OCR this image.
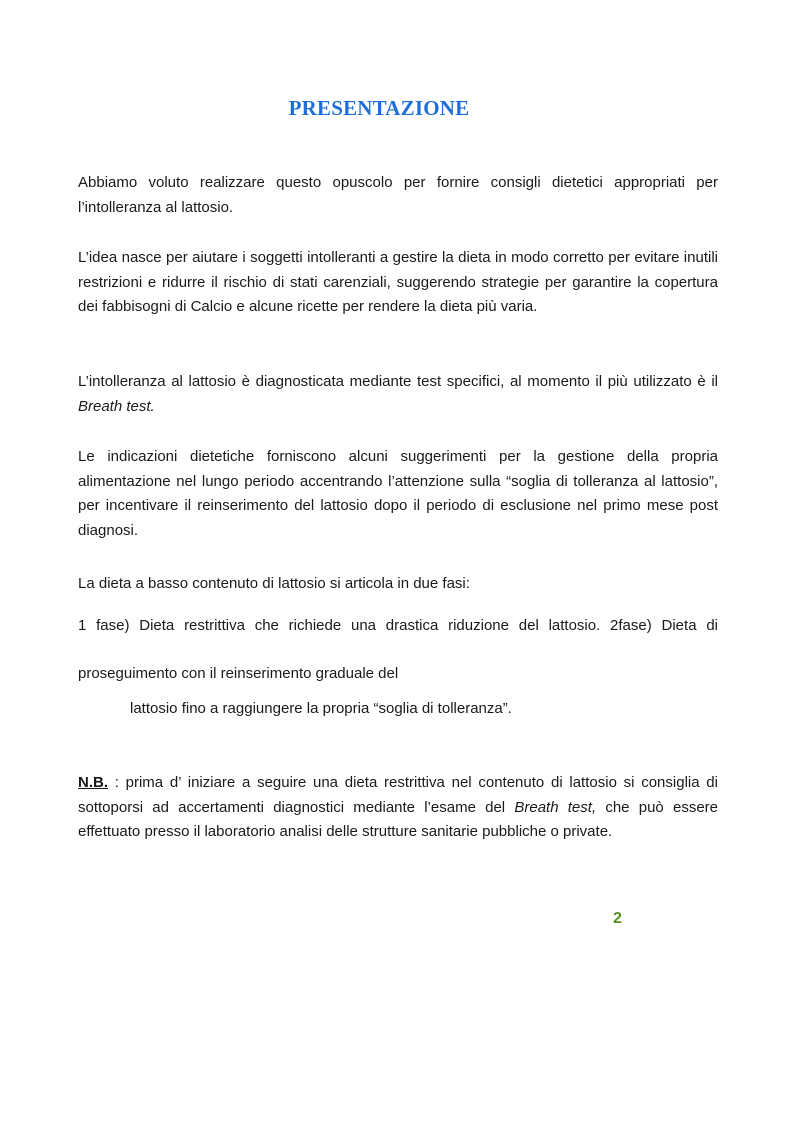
PRESENTAZIONE

Abbiamo voluto realizzare questo opuscolo per fornire consigli dietetici appropriati per l’intolleranza al lattosio.

L’idea nasce per aiutare i soggetti intolleranti a gestire la dieta in modo corretto per evitare inutili restrizioni e ridurre il rischio di stati carenziali, suggerendo strategie per garantire la copertura dei fabbisogni di Calcio e alcune ricette per rendere la dieta più varia.

L’intolleranza al lattosio è diagnosticata mediante test specifici, al momento il più utilizzato è il Breath test.

Le indicazioni dietetiche forniscono alcuni suggerimenti per la gestione della propria alimentazione nel lungo periodo accentrando l’attenzione sulla “soglia di tolleranza al lattosio”, per incentivare il reinserimento del lattosio dopo il periodo di esclusione nel primo mese post diagnosi.

La dieta a basso contenuto di lattosio si articola in due fasi:

1 fase) Dieta restrittiva che richiede una drastica riduzione del lattosio. 2fase) Dieta di

proseguimento con il reinserimento graduale del

lattosio fino a raggiungere la propria “soglia di tolleranza”.

N.B. : prima d’ iniziare a seguire una dieta restrittiva nel contenuto di lattosio si consiglia di sottoporsi ad accertamenti diagnostici mediante l’esame del Breath test, che può essere effettuato presso il laboratorio analisi delle strutture sanitarie pubbliche o private.

2
